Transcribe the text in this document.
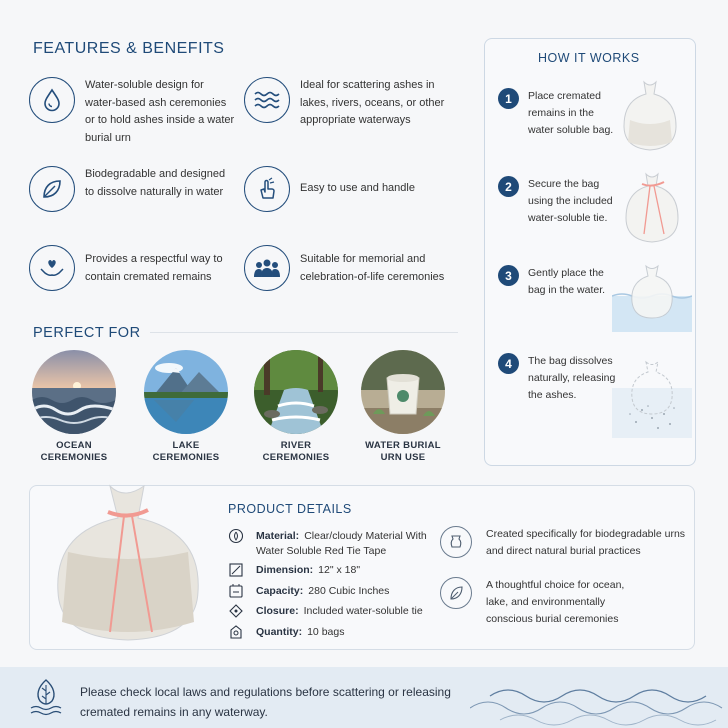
FEATURES & BENEFITS
Water-soluble design for water-based ash ceremonies or to hold ashes inside a water burial urn
Ideal for scattering ashes in lakes, rivers, oceans, or other appropriate waterways
Biodegradable and designed to dissolve naturally in water	Easy to use and handle
Provides a respectful way to contain cremated remains
Suitable for memorial and celebration-of-life ceremonies
PERFECT FOR
OCEAN
CEREMONIES
LAKE
CEREMONIES
RIVER
CEREMONIES
WATER BURIAL
URN USE
HOW IT WORKS
1	Place cremated remains in the water soluble bag.
2	Secure the bag using the included water-soluble tie.
3	Gently place the bag in the water.
4	The bag dissolves naturally, releasing the ashes.
PRODUCT DETAILS
Material: Clear/cloudy Material With Water Soluble Red Tie Tape
Dimension: 12" x 18"
Capacity: 280 Cubic Inches
Closure: Included water-soluble tie
Quantity: 10 bags
Created specifically for biodegradable urns and direct natural burial practices
A thoughtful choice for ocean, lake, and environmentally conscious burial ceremonies
Please check local laws and regulations before scattering or releasing cremated remains in any waterway.
